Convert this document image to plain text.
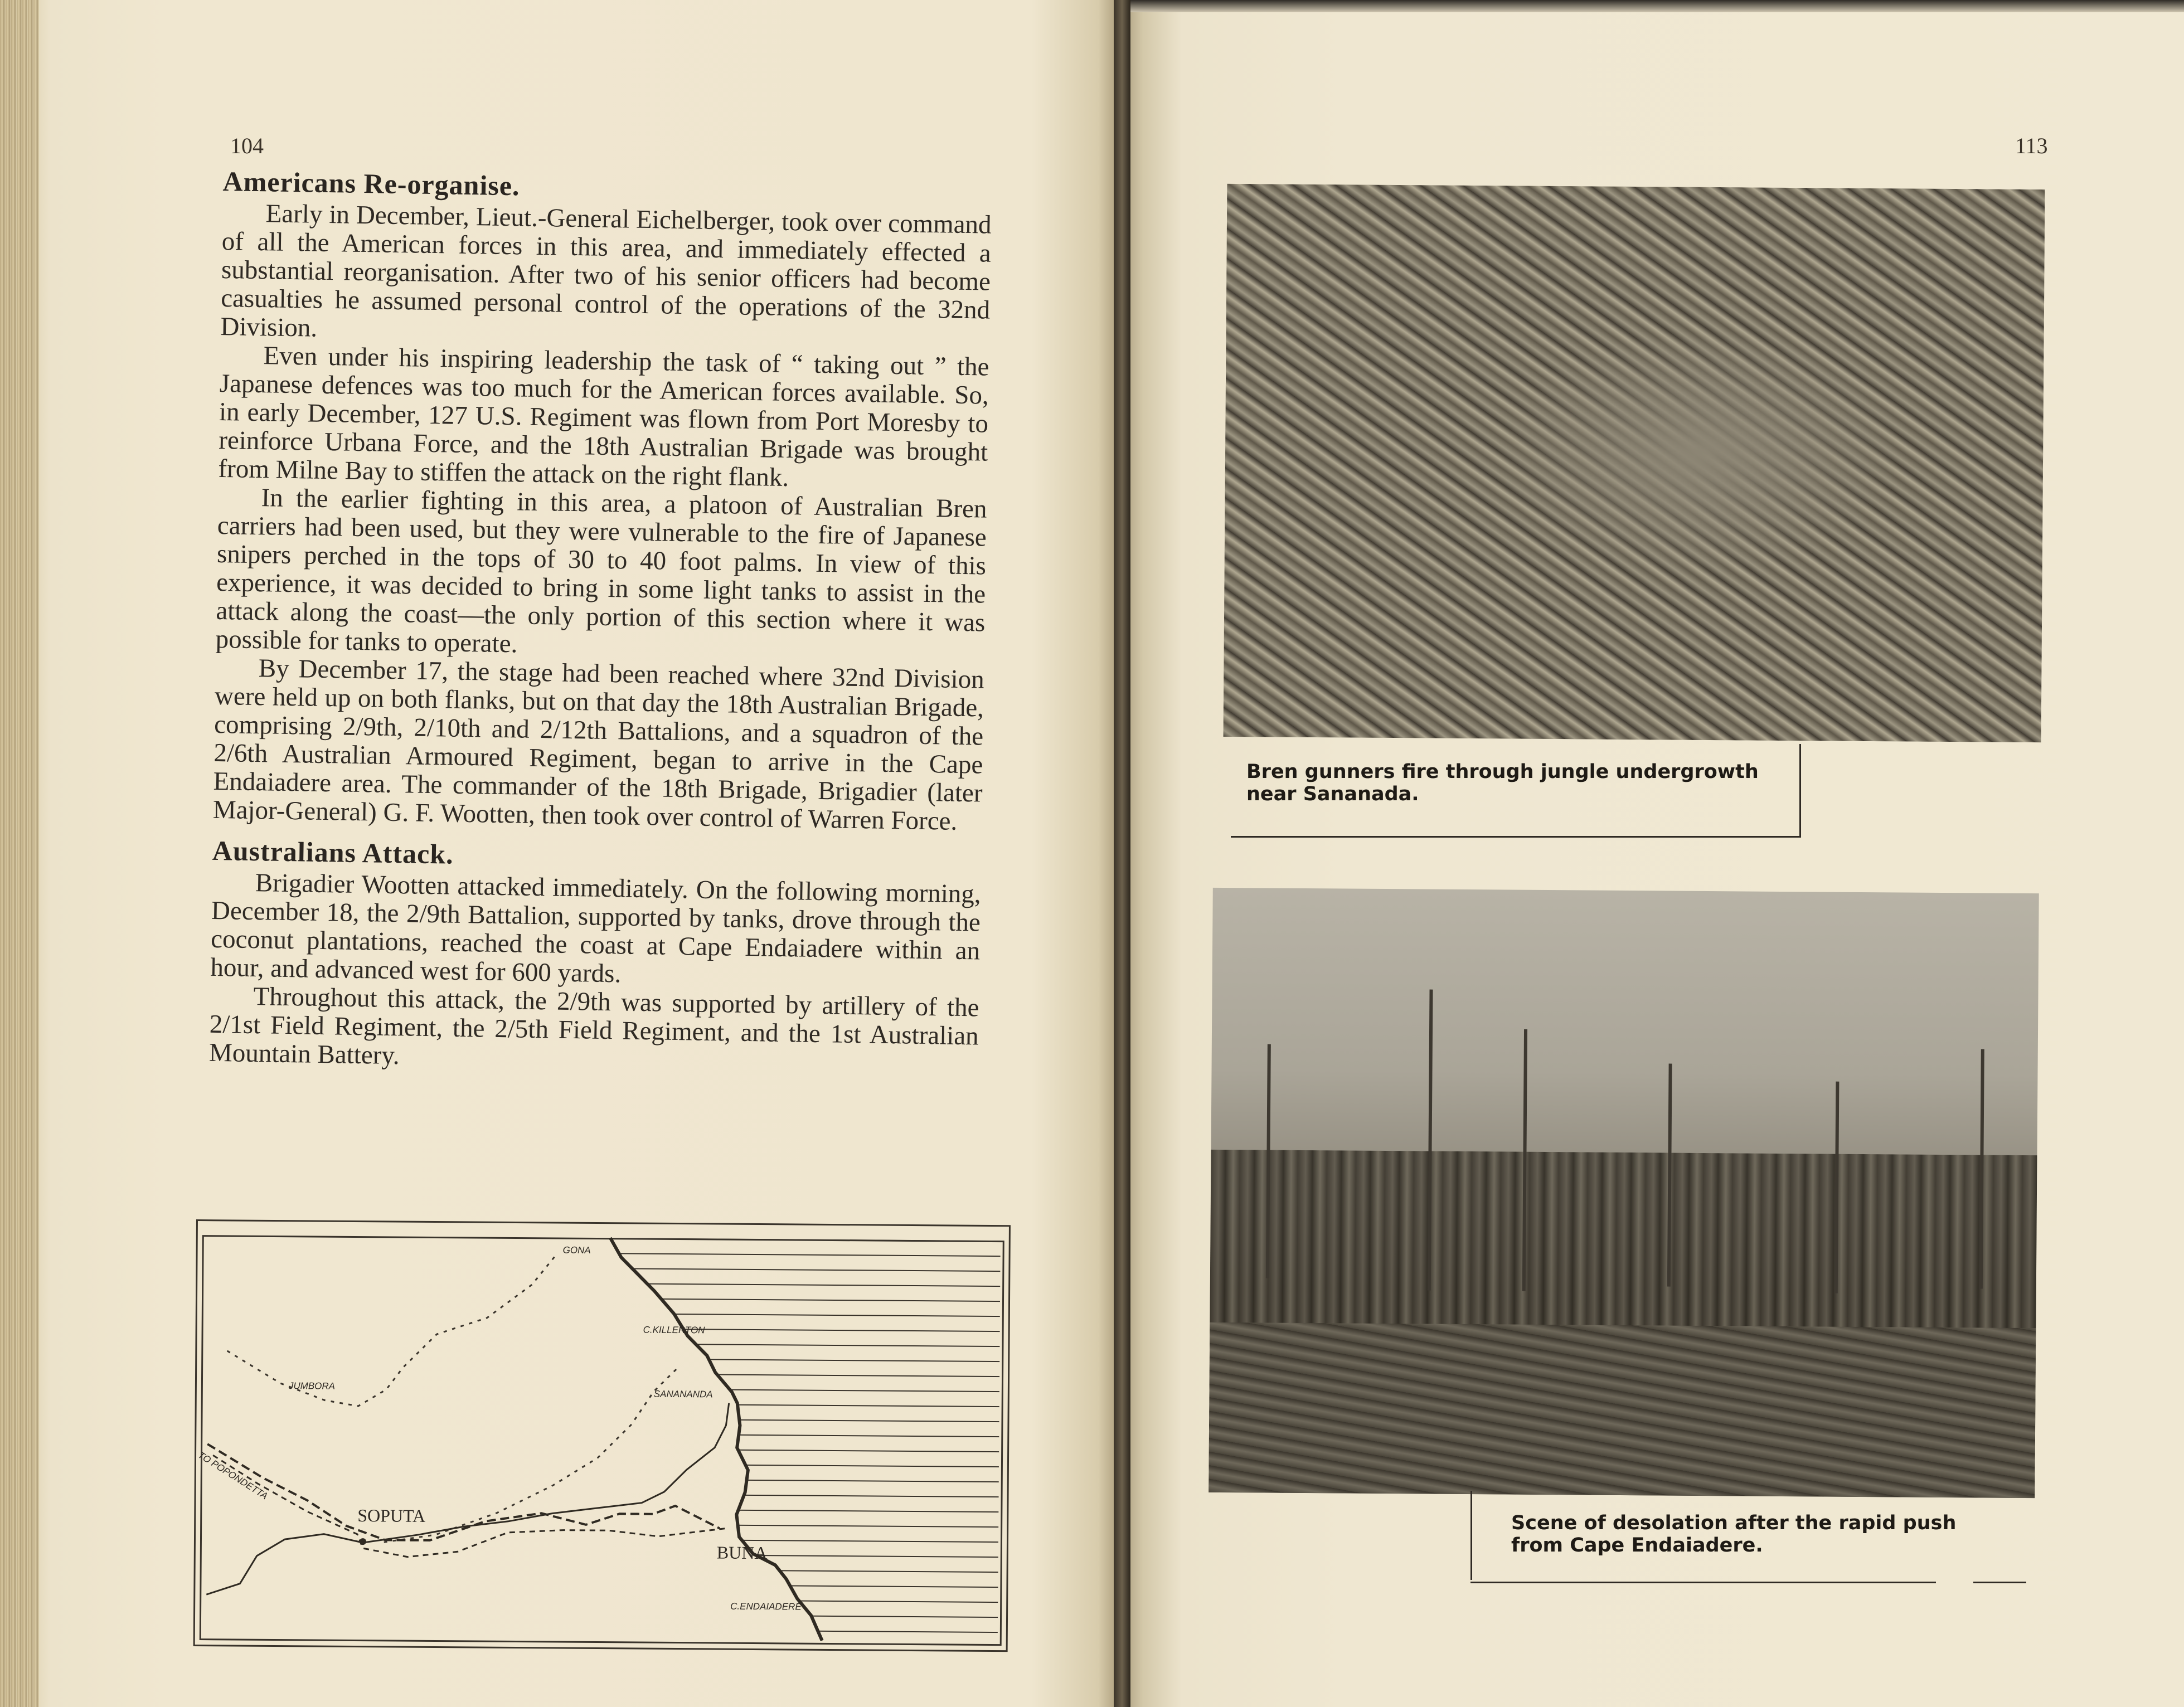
104

Americans Re-organise.

Early in December, Lieut.-General Eichelberger, took over command of all the American forces in this area, and immediately effected a substantial reorganisation. After two of his senior officers had become casualties he assumed personal control of the operations of the 32nd Division.

Even under his inspiring leadership the task of “ taking out ” the Japanese defences was too much for the American forces available. So, in early December, 127 U.S. Regiment was flown from Port Moresby to reinforce Urbana Force, and the 18th Australian Brigade was brought from Milne Bay to stiffen the attack on the right flank.

In the earlier fighting in this area, a platoon of Australian Bren carriers had been used, but they were vulnerable to the fire of Japanese snipers perched in the tops of 30 to 40 foot palms. In view of this experience, it was decided to bring in some light tanks to assist in the attack along the coast—the only portion of this section where it was possible for tanks to operate.

By December 17, the stage had been reached where 32nd Division were held up on both flanks, but on that day the 18th Australian Brigade, comprising 2/9th, 2/10th and 2/12th Battalions, and a squadron of the 2/6th Australian Armoured Regiment, began to arrive in the Cape Endaiadere area. The commander of the 18th Brigade, Brigadier (later Major-General) G. F. Wootten, then took over control of Warren Force.

Australians Attack.

Brigadier Wootten attacked immediately. On the following morning, December 18, the 2/9th Battalion, supported by tanks, drove through the coconut plantations, reached the coast at Cape Endaiadere within an hour, and advanced west for 600 yards.

Throughout this attack, the 2/9th was supported by artillery of the 2/1st Field Regiment, the 2/5th Field Regiment, and the 1st Australian Mountain Battery.

GONA
C.KILLERTON
JUMBORA
SANANANDA
TO POPONDETTA
SOPUTA
BUNA
C.ENDAIADERE
113
Bren gunners fire through jungle undergrowth near Sananada.
Scene of desolation after the rapid push from Cape Endaiadere.
